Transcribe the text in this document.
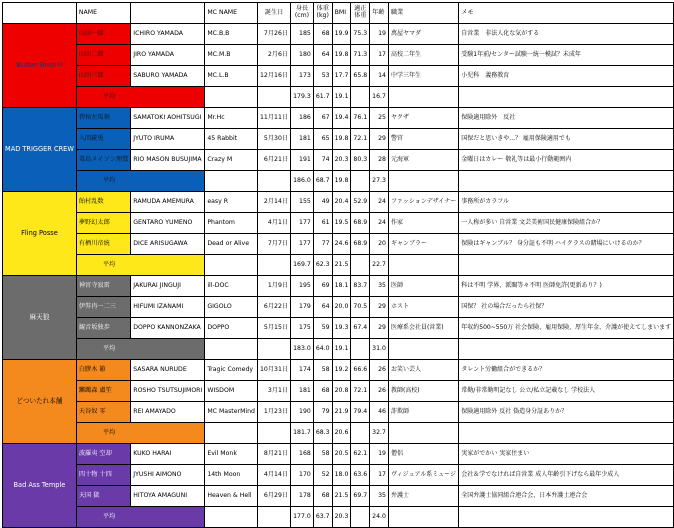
	NAME		MC NAME	誕生日	身長 (cm)	体重 (kg)	BMI	適正体重	年齢	職業	メモ
Buster Bros!!!	山田一郎	ICHIRO YAMADA	MC.B.B	7月26日	185	68	19.9	75.3	19	萬屋ヤマダ	自営業　非法人化な気がする
	山田二郎	JIRO YAMADA	MC.M.B	2月6日	180	64	19.8	71.3	17	高校二年生	受験1年前/センター試験一統一模試？未成年
	山田三郎	SABURO YAMADA	MC.L.B	12月16日	173	53	17.7	65.8	14	中学三年生	小児科　義務教育
	平均				179.3	61.7	19.1		16.7		
MAD TRIGGER CREW	碧棺左馬刻	SAMATOKI AOHITSUGI	Mr.Hc	11月11日	186	67	19.4	76.1	25	ヤクザ	保険適用除外　反社
	入間銃兎	JYUTO IRUMA	45 Rabbit	5月30日	181	65	19.8	72.1	29	警官	国保だと思いきや...？ 雇用保険適用でも
	毒島メイソン理鶯	RIO MASON BUSUJIMA	Crazy M	6月21日	191	74	20.3	80.3	28	元海軍	金曜日はカレー 敬礼等は最小行動範囲内
	平均				186.0	68.7	19.8		27.3		
Fling Posse	飴村乱数	RAMUDA AMEMURA	easy R	2月14日	155	49	20.4	52.9	24	ファッションデザイナー	事務所がカラフル
	夢野幻太郎	GENTARO YUMENO	Phantom	4月1日	177	61	19.5	68.9	24	作家	一人称が多い 自営業 文芸美術国民健康保険組合か？
	有栖川帝統	DICE ARISUGAWA	Dead or Alive	7月7日	177	77	24.6	68.9	20	ギャンブラー	保険はギャンブル？ 身分証も不明 ハイクラスの賭場にいけるのか？
	平均				169.7	62.3	21.5		22.7		
麻天狼	神宮寺寂雷	JAKURAI JINGUJI	ill-DOC	1月9日	195	69	18.1	83.7	35	医師	科は不明 学界、派閥等々不明 医師免許(更新あり？)
	伊弉冉一二三	HIFUMI IZANAMI	GIGOLO	6月22日	179	64	20.0	70.5	29	ホスト	国保？ 社の場合だったら社保？
	観音坂独歩	DOPPO KANNONZAKA	DOPPO	5月15日	175	59	19.3	67.4	29	医療系会社員(営業)	年収約500~550万 社会保険、雇用保険、厚生年金、介護が使えてしまいます
	平均				183.0	64.0	19.1		31.0		
どついたれ本舗	白膠木 簓	SASARA NURUDE	Tragic Comedy	10月31日	174	58	19.2	66.6	26	お笑い芸人	タレント労働組合ができるか？
	躑躅森 盧笙	ROSHO TSUTSUJIMORI	WISDOM	3月1日	181	68	20.8	72.1	26	教師(高校)	常勤/非常勤明記なし 公立/私立記載なし 学校法人
	天谷奴 零	REI AMAYADO	MC MasterMind	1月23日	190	79	21.9	79.4	46	詐欺師	保険適用除外 反社 偽造身分証ありか？
	平均				181.7	68.3	20.6		32.7		
Bad Ass Temple	波羅夷 空却	KUKO HARAI	Evil Monk	8月21日	168	58	20.5	62.1	19	僧侶	実家がでかい 実家住まい
	四十物 十四	JYUSHI AIMONO	14th Moon	4月14日	170	52	18.0	63.6	17	ヴィジュアル系ミュージ	会社＆学でなければ自営業 成人年齢引下げなら最年少成人
	天国 獄	HITOYA AMAGUNI	Heaven & Hell	6月29日	178	68	21.5	69.7	35	弁護士	全国弁護士協同組合連合会、日本弁護士連合会
	平均				177.0	63.7	20.3		24.0		
